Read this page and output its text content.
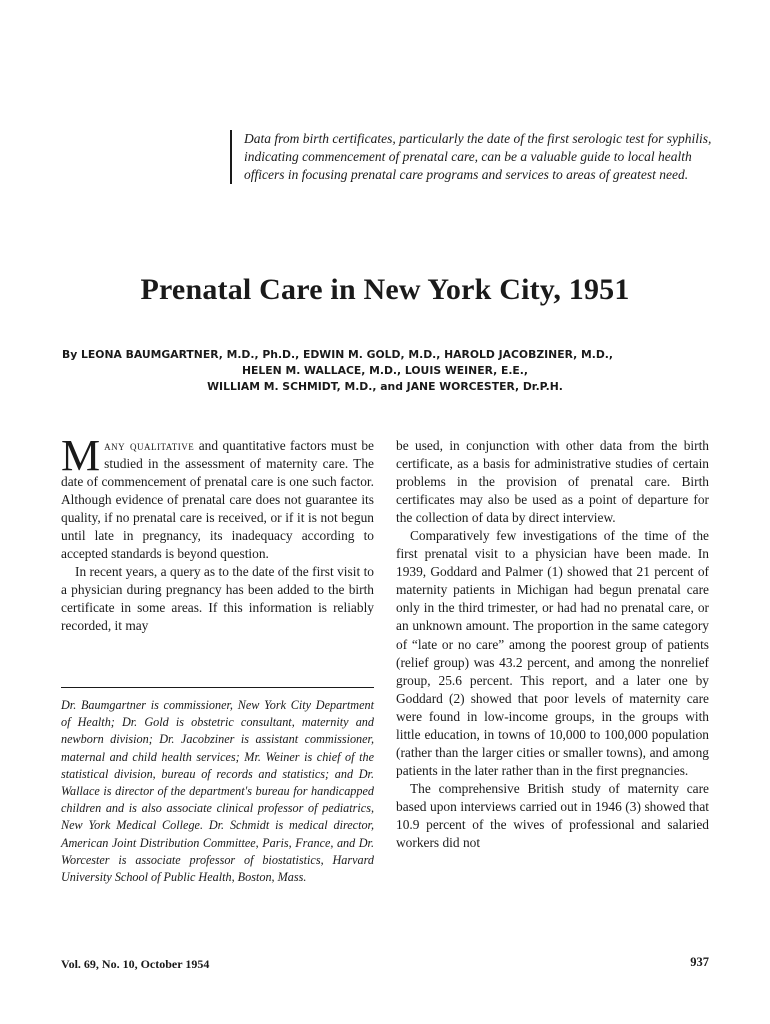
Data from birth certificates, particularly the date of the first serologic test for syphilis, indicating commencement of prenatal care, can be a valuable guide to local health officers in focusing prenatal care programs and services to areas of greatest need.

Prenatal Care in New York City, 1951
By LEONA BAUMGARTNER, M.D., Ph.D., EDWIN M. GOLD, M.D., HAROLD JACOBZINER, M.D.,
HELEN M. WALLACE, M.D., LOUIS WEINER, E.E.,
WILLIAM M. SCHMIDT, M.D., and JANE WORCESTER, Dr.P.H.

Many qualitative and quantitative factors must be studied in the assessment of maternity care. The date of commencement of prenatal care is one such factor. Although evidence of prenatal care does not guarantee its quality, if no prenatal care is received, or if it is not begun until late in pregnancy, its inadequacy according to accepted standards is beyond question.

In recent years, a query as to the date of the first visit to a physician during pregnancy has been added to the birth certificate in some areas. If this information is reliably recorded, it may

Dr. Baumgartner is commissioner, New York City Department of Health; Dr. Gold is obstetric consultant, maternity and newborn division; Dr. Jacobziner is assistant commissioner, maternal and child health services; Mr. Weiner is chief of the statistical division, bureau of records and statistics; and Dr. Wallace is director of the department's bureau for handicapped children and is also associate clinical professor of pediatrics, New York Medical College. Dr. Schmidt is medical director, American Joint Distribution Committee, Paris, France, and Dr. Worcester is associate professor of biostatistics, Harvard University School of Public Health, Boston, Mass.

be used, in conjunction with other data from the birth certificate, as a basis for administrative studies of certain problems in the provision of prenatal care. Birth certificates may also be used as a point of departure for the collection of data by direct interview.

Comparatively few investigations of the time of the first prenatal visit to a physician have been made. In 1939, Goddard and Palmer (1) showed that 21 percent of maternity patients in Michigan had begun prenatal care only in the third trimester, or had had no prenatal care, or an unknown amount. The proportion in the same category of “late or no care” among the poorest group of patients (relief group) was 43.2 percent, and among the nonrelief group, 25.6 percent. This report, and a later one by Goddard (2) showed that poor levels of maternity care were found in low-income groups, in the groups with little education, in towns of 10,000 to 100,000 population (rather than the larger cities or smaller towns), and among patients in the later rather than in the first pregnancies.

The comprehensive British study of maternity care based upon interviews carried out in 1946 (3) showed that 10.9 percent of the wives of professional and salaried workers did not

Vol. 69, No. 10, October 1954	937
